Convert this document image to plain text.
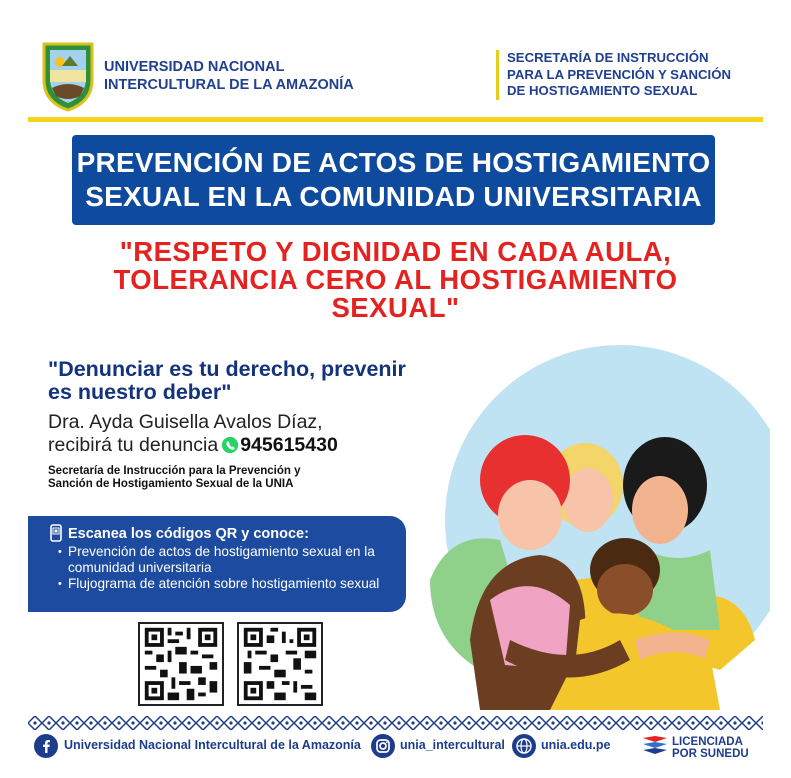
UNIVERSIDAD NACIONAL
INTERCULTURAL DE LA AMAZONÍA
SECRETARÍA DE INSTRUCCIÓN
PARA LA PREVENCIÓN Y SANCIÓN
DE HOSTIGAMIENTO SEXUAL
PREVENCIÓN DE ACTOS DE HOSTIGAMIENTO
SEXUAL EN LA COMUNIDAD UNIVERSITARIA
"RESPETO Y DIGNIDAD EN CADA AULA,
TOLERANCIA CERO AL HOSTIGAMIENTO
SEXUAL"
"Denunciar es tu derecho, prevenir
es nuestro deber"
Dra. Ayda Guisella Avalos Díaz,
recibirá tu denuncia 945615430
Secretaría de Instrucción para la Prevención y
Sanción de Hostigamiento Sexual de la UNIA
Escanea los códigos QR y conoce:
• Prevención de actos de hostigamiento sexual en la comunidad universitaria
• Flujograma de atención sobre hostigamiento sexual
Universidad Nacional Intercultural de la Amazonía	unia_intercultural	unia.edu.pe	LICENCIADA
POR SUNEDU
